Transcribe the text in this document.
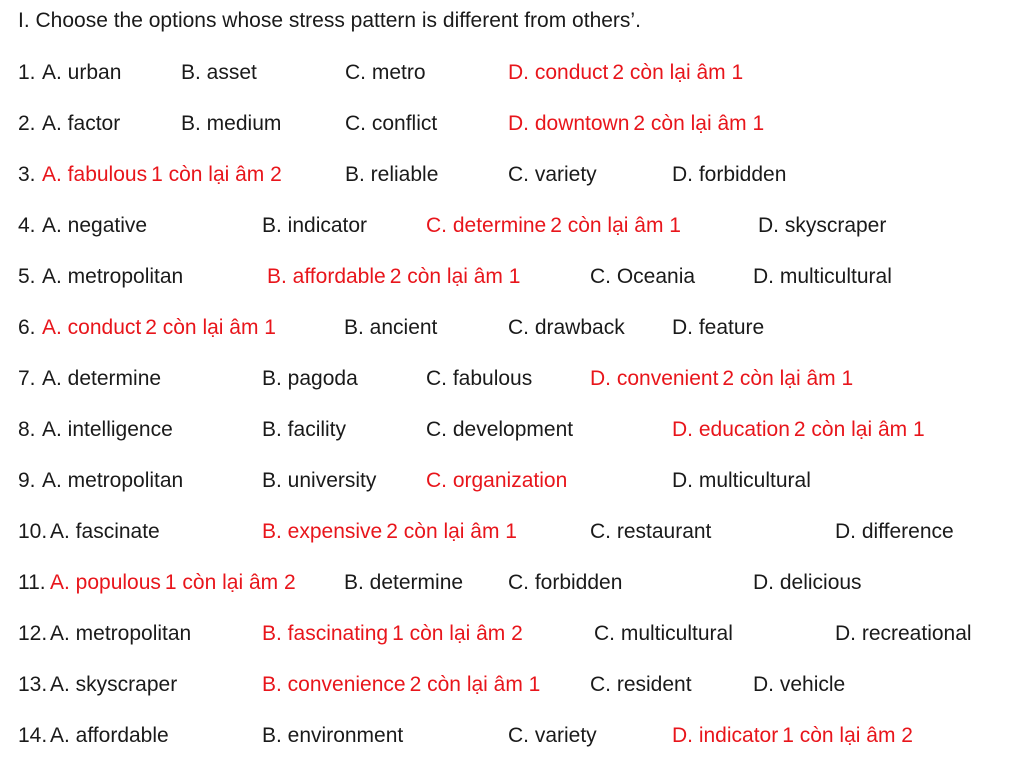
I. Choose the options whose stress pattern is different from others’.
1. A. urban	B. asset	C. metro	D. conduct 2 còn lại âm 1
2. A. factor	B. medium	C. conflict	D. downtown 2 còn lại âm 1
3. A. fabulous 1 còn lại âm 2	B. reliable	C. variety	D. forbidden
4. A. negative	B. indicator	C. determine 2 còn lại âm 1	D. skyscraper
5. A. metropolitan	B. affordable 2 còn lại âm 1	C. Oceania	D. multicultural
6. A. conduct 2 còn lại âm 1	B. ancient	C. drawback D. feature
7. A. determine	B. pagoda	C. fabulous	D. convenient 2 còn lại âm 1
8. A. intelligence	B. facility	C. development	D. education 2 còn lại âm 1
9. A. metropolitan	B. university C. organization	D. multicultural
10. A. fascinate	B. expensive 2 còn lại âm 1	C. restaurant	D. difference
11. A. populous 1 còn lại âm 2 B. determine C. forbidden	D. delicious
12. A. metropolitan	B. fascinating 1 còn lại âm 2	C. multicultural	D. recreational
13. A. skyscraper	B. convenience 2 còn lại âm 1 C. resident	D. vehicle
14. A. affordable	B. environment	C. variety	D. indicator 1 còn lại âm 2
